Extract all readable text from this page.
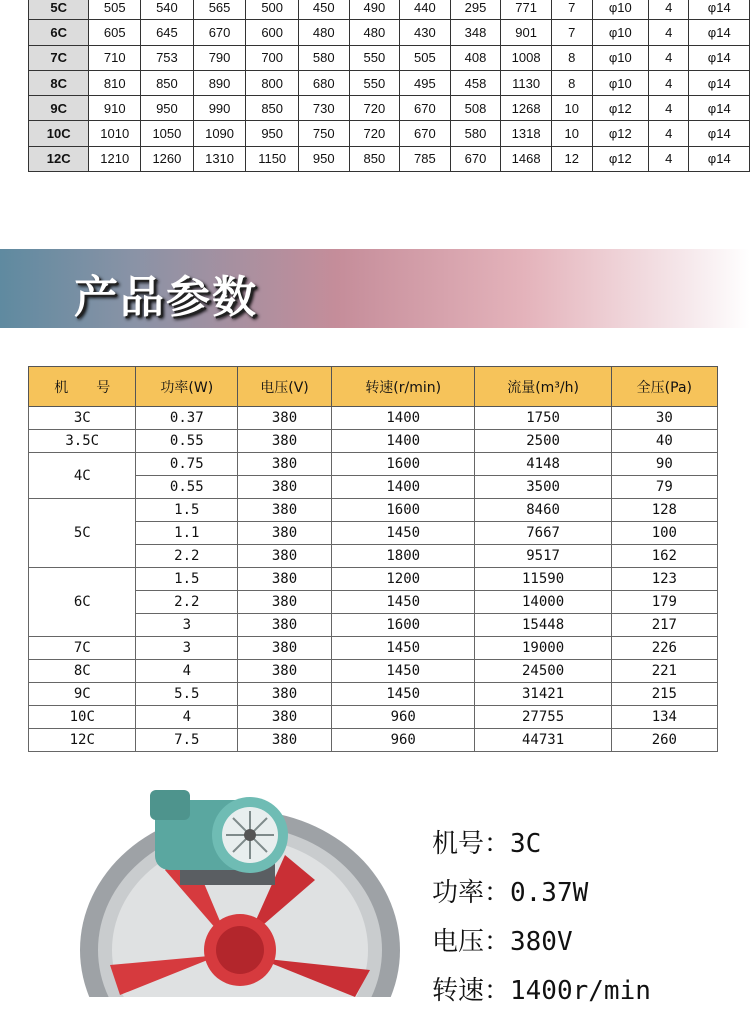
5C	505	540	565	500	450	490	440	295	771	7	φ10	4	φ14
6C	605	645	670	600	480	480	430	348	901	7	φ10	4	φ14
7C	710	753	790	700	580	550	505	408	1008	8	φ10	4	φ14
8C	810	850	890	800	680	550	495	458	1130	8	φ10	4	φ14
9C	910	950	990	850	730	720	670	508	1268	10	φ12	4	φ14
10C	1010	1050	1090	950	750	720	670	580	1318	10	φ12	4	φ14
12C	1210	1260	1310	1150	950	850	785	670	1468	12	φ12	4	φ14
产品参数
机　　号	功率(W)	电压(V)	转速(r/min)	流量(m³/h)	全压(Pa)
3C	0.37	380	1400	1750	30
3.5C	0.55	380	1400	2500	40
4C	0.75	380	1600	4148	90
	0.55	380	1400	3500	79
5C	1.5	380	1600	8460	128
	1.1	380	1450	7667	100
	2.2	380	1800	9517	162
6C	1.5	380	1200	11590	123
	2.2	380	1450	14000	179
	3	380	1600	15448	217
7C	3	380	1450	19000	226
8C	4	380	1450	24500	221
9C	5.5	380	1450	31421	215
10C	4	380	960	27755	134
12C	7.5	380	960	44731	260
机号：3C
功率：0.37W
电压：380V
转速：1400r/min
